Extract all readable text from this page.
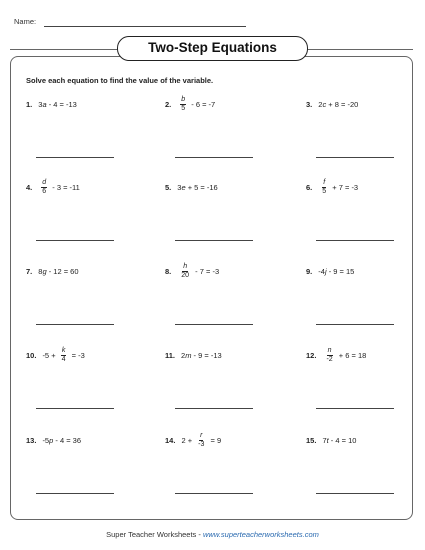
Name:
Two-Step Equations
Solve each equation to find the value of the variable.
1. 3 a - 4 = -13	2. $\frac{b}{5} - 6 = -7$	3. 2 c + 8 = -20
4. $\frac{d}{6} - 3 = -11$	5. 3 e + 5 = -16	6. $\frac{f}{5} + 7 = -3$
7. 8 g - 12 = 60	8. $\frac{h}{20} - 7 = -3$	9. -4 j - 9 = 15
10. $-5 + \frac{k}{4} = -3$	11. 2 m - 9 = -13	12. $\frac{n}{-2} + 6 = 18$
13. -5 p - 4 = 36	14. $2 + \frac{r}{-3} = 9$	15. 7 t - 4 = 10
Super Teacher Worksheets - www.superteacherworksheets.com
